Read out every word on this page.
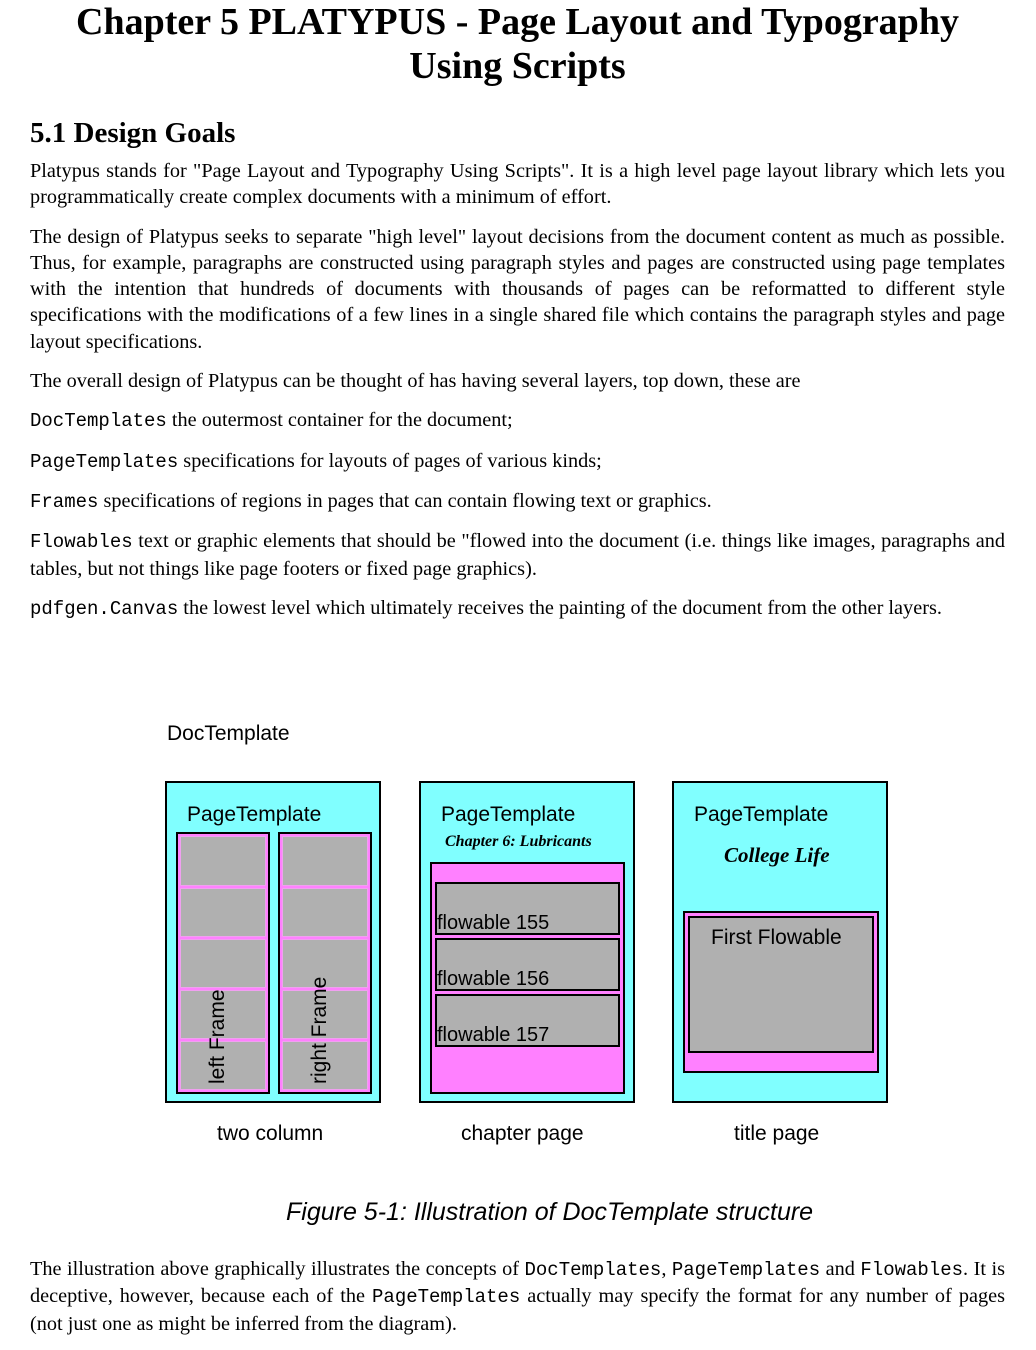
Chapter 5 PLATYPUS - Page Layout and Typography Using Scripts
5.1 Design Goals

Platypus stands for "Page Layout and Typography Using Scripts". It is a high level page layout library which lets you programmatically create complex documents with a minimum of effort.

The design of Platypus seeks to separate "high level" layout decisions from the document content as much as possible. Thus, for example, paragraphs are constructed using paragraph styles and pages are constructed using page templates with the intention that hundreds of documents with thousands of pages can be reformatted to different style specifications with the modifications of a few lines in a single shared file which contains the paragraph styles and page layout specifications.

The overall design of Platypus can be thought of has having several layers, top down, these are

DocTemplates the outermost container for the document;

PageTemplates specifications for layouts of pages of various kinds;

Frames specifications of regions in pages that can contain flowing text or graphics.

Flowables text or graphic elements that should be "flowed into the document (i.e. things like images, paragraphs and tables, but not things like page footers or fixed page graphics).

pdfgen.Canvas the lowest level which ultimately receives the painting of the document from the other layers.

DocTemplate
PageTemplate
left Frame	right Frame
two column
PageTemplate
Chapter 6: Lubricants
flowable 155
flowable 156
flowable 157
chapter page
PageTemplate
College Life
First Flowable
title page
Figure 5-1: Illustration of DocTemplate structure

The illustration above graphically illustrates the concepts of DocTemplates, PageTemplates and Flowables. It is deceptive, however, because each of the PageTemplates actually may specify the format for any number of pages (not just one as might be inferred from the diagram).
